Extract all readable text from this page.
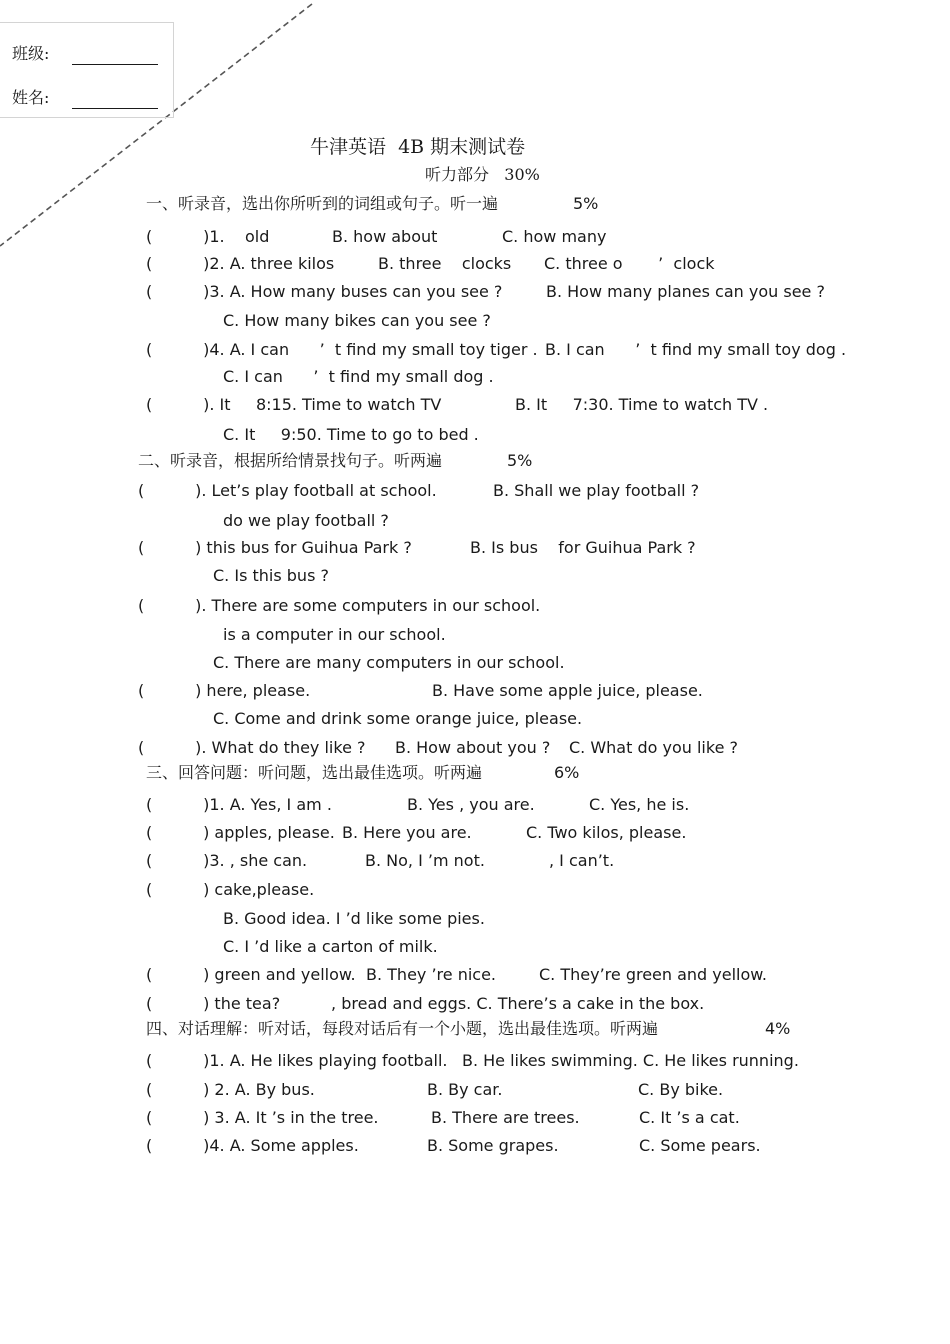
班级:
姓名:
牛津英语  4B 期末测试卷
听力部分   30%
一、听录音，选出你所听到的词组或句子。听一遍	5%
(          )1.    old	B. how about	C. how many
(          )2. A. three kilos	B. three    clocks C. three o       ’  clock
(          )3. A. How many buses can you see ?	B. How many planes can you see ?
C. How many bikes can you see ?
(          )4. A. I can      ’  t find my small toy tiger . B. I can      ’  t find my small toy dog .
C. I can      ’  t find my small dog .
(          ). It     8:15. Time to watch TV	B. It     7:30. Time to watch TV .
C. It     9:50. Time to go to bed .
二、听录音，根据所给情景找句子。听两遍	5%
(          ). Let’s play football at school.	B. Shall we play football ?
do we play football ?
(          ) this bus for Guihua Park ?	B. Is bus    for Guihua Park ?
C. Is this bus ?
(          ). There are some computers in our school.
is a computer in our school.
C. There are many computers in our school.
(          ) here, please.	B. Have some apple juice, please.
C. Come and drink some orange juice, please.
(          ). What do they like ? B. How about you ? C. What do you like ?
三、回答问题：听问题，选出最佳选项。听两遍	6%
(          )1. A. Yes, I am .	B. Yes , you are.	C. Yes, he is.
(          ) apples, please. B. Here you are.	C. Two kilos, please.
(          )3. , she can.	B. No, I ’m not.	, I can’t.
(          ) cake,please.
B. Good idea. I ’d like some pies.
C. I ’d like a carton of milk.
(          ) green and yellow. B. They ’re nice.	C. They’re green and yellow.
(          ) the tea?          , bread and eggs. C. There’s a cake in the box.
四、对话理解：听对话，每段对话后有一个小题，选出最佳选项。听两遍	4%
(          )1. A. He likes playing football. B. He likes swimming. C. He likes running.
(          ) 2. A. By bus.	B. By car.	C. By bike.
(          ) 3. A. It ’s in the tree.	B. There are trees.	C. It ’s a cat.
(          )4. A. Some apples.	B. Some grapes.	C. Some pears.
